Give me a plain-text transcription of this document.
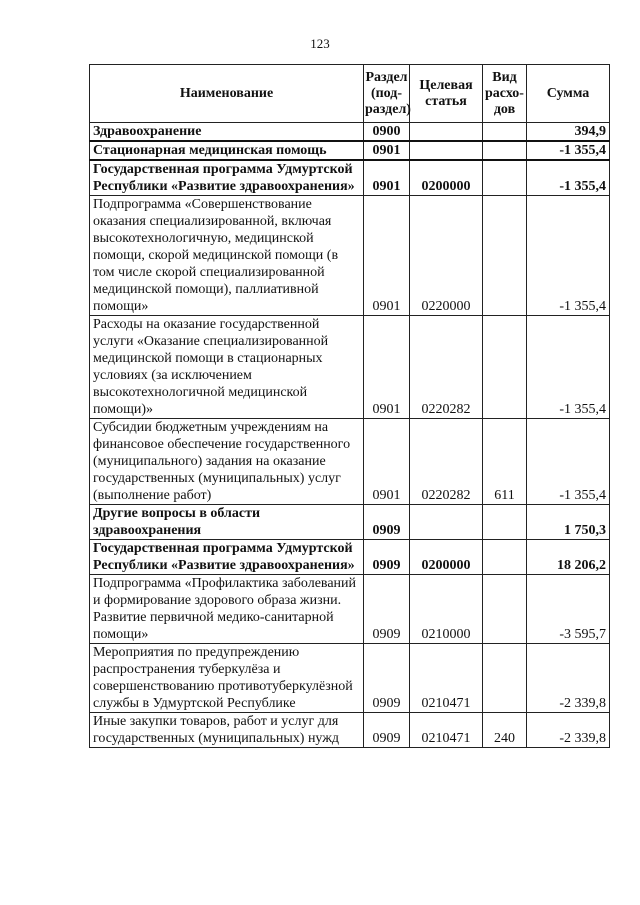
123
Наименование	Раздел (под-раздел)	Целевая статья	Вид расхо-дов	Сумма
Здравоохранение	0900			394,9
Стационарная медицинская помощь	0901			-1 355,4
Государственная программа Удмуртской Республики «Развитие здравоохранения»	0901	0200000		-1 355,4
Подпрограмма «Совершенствование оказания специализированной, включая высокотехнологичную, медицинской помощи, скорой медицинской помощи (в том числе скорой специализированной медицинской помощи), паллиативной помощи»	0901	0220000		-1 355,4
Расходы на оказание государственной услуги «Оказание специализированной медицинской помощи в стационарных условиях (за исключением высокотехнологичной медицинской помощи)»	0901	0220282		-1 355,4
Субсидии бюджетным учреждениям на финансовое обеспечение государственного (муниципального) задания на оказание государственных (муниципальных) услуг (выполнение работ)	0901	0220282	611	-1 355,4
Другие вопросы в области здравоохранения	0909			1 750,3
Государственная программа Удмуртской Республики «Развитие здравоохранения»	0909	0200000		18 206,2
Подпрограмма «Профилактика заболеваний и формирование здорового образа жизни. Развитие первичной медико-санитарной помощи»	0909	0210000		-3 595,7
Мероприятия по предупреждению распространения туберкулёза и совершенствованию противотуберкулёзной службы в Удмуртской Республике	0909	0210471		-2 339,8
Иные закупки товаров, работ и услуг для государственных (муниципальных) нужд	0909	0210471	240	-2 339,8
